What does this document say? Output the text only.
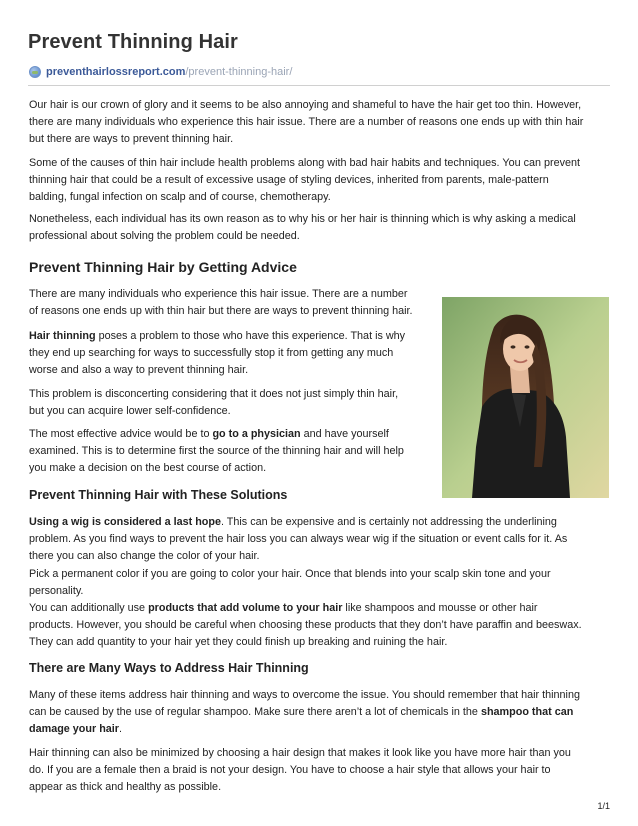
Prevent Thinning Hair
preventhairlossreport.com /prevent-thinning-hair/
Our hair is our crown of glory and it seems to be also annoying and shameful to have the hair get too thin. However,
there are many individuals who experience this hair issue. There are a number of reasons one ends up with thin hair
but there are ways to prevent thinning hair.
Some of the causes of thin hair include health problems along with bad hair habits and techniques. You can prevent
thinning hair that could be a result of excessive usage of styling devices, inherited from parents, male-pattern
balding, fungal infection on scalp and of course, chemotherapy.
Nonetheless, each individual has its own reason as to why his or her hair is thinning which is why asking a medical
professional about solving the problem could be needed.
Prevent Thinning Hair by Getting Advice
There are many individuals who experience this hair issue. There are a number
of reasons one ends up with thin hair but there are ways to prevent thinning hair.
Hair thinning poses a problem to those who have this experience. That is why
they end up searching for ways to successfully stop it from getting any much
worse and also a way to prevent thinning hair.
This problem is disconcerting considering that it does not just simply thin hair,
but you can acquire lower self-confidence.
The most effective advice would be to go to a physician and have yourself
examined. This is to determine first the source of the thinning hair and will help
you make a decision on the best course of action.
Prevent Thinning Hair with These Solutions
Using a wig is considered a last hope. This can be expensive and is certainly not addressing the underlining
problem. As you find ways to prevent the hair loss you can always wear wig if the situation or event calls for it. As
there you can also change the color of your hair.
Pick a permanent color if you are going to color your hair. Once that blends into your scalp skin tone and your
personality.
You can additionally use products that add volume to your hair like shampoos and mousse or other hair
products. However, you should be careful when choosing these products that they don’t have paraffin and beeswax.
They can add quantity to your hair yet they could finish up breaking and ruining the hair.
There are Many Ways to Address Hair Thinning
Many of these items address hair thinning and ways to overcome the issue. You should remember that hair thinning
can be caused by the use of regular shampoo. Make sure there aren’t a lot of chemicals in the shampoo that can
damage your hair.
Hair thinning can also be minimized by choosing a hair design that makes it look like you have more hair than you
do. If you are a female then a braid is not your design. You have to choose a hair style that allows your hair to
appear as thick and healthy as possible.
1/1
